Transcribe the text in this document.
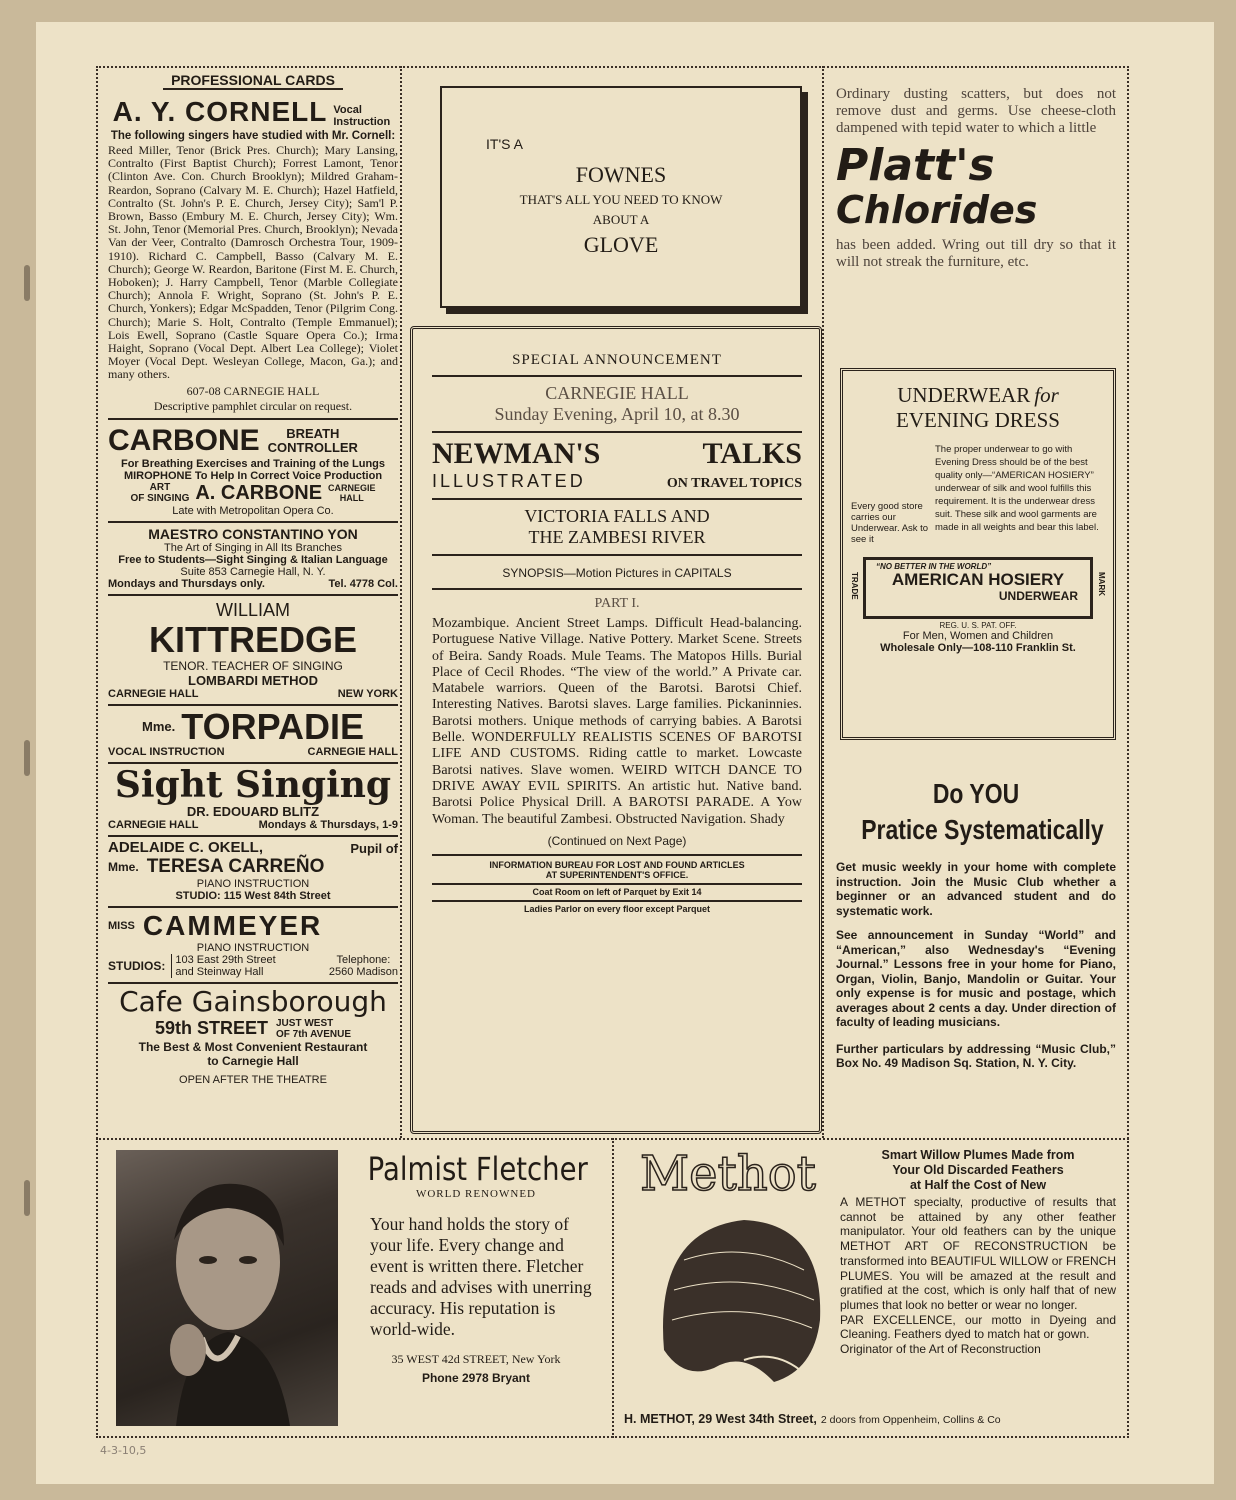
PROFESSIONAL CARDS
A. Y. CORNELL Vocal Instruction

The following singers have studied with Mr. Cornell:

Reed Miller, Tenor (Brick Pres. Church); Mary Lansing, Contralto (First Baptist Church); Forrest Lamont, Tenor (Clinton Ave. Con. Church Brooklyn); Mildred Graham-Reardon, Soprano (Calvary M. E. Church); Hazel Hatfield, Contralto (St. John's P. E. Church, Jersey City); Sam'l P. Brown, Basso (Embury M. E. Church, Jersey City); Wm. St. John, Tenor (Memorial Pres. Church, Brooklyn); Nevada Van der Veer, Contralto (Damrosch Orchestra Tour, 1909-1910). Richard C. Campbell, Basso (Calvary M. E. Church); George W. Reardon, Baritone (First M. E. Church, Hoboken); J. Harry Campbell, Tenor (Marble Collegiate Church); Annola F. Wright, Soprano (St. John's P. E. Church, Yonkers); Edgar McSpadden, Tenor (Pilgrim Cong. Church); Marie S. Holt, Contralto (Temple Emmanuel); Lois Ewell, Soprano (Castle Square Opera Co.); Irma Haight, Soprano (Vocal Dept. Albert Lea College); Violet Moyer (Vocal Dept. Wesleyan College, Macon, Ga.); and many others.

607-08 CARNEGIE HALL

Descriptive pamphlet circular on request.

CARBONE	BREATH
CONTROLLER

For Breathing Exercises and Training of the Lungs

MIROPHONE To Help In Correct Voice Production

ART
OF SINGING A. CARBONE CARNEGIE
HALL

Late with Metropolitan Opera Co.

MAESTRO CONSTANTINO YON

The Art of Singing in All Its Branches

Free to Students—Sight Singing & Italian Language

Suite 853 Carnegie Hall, N. Y.

Mondays and Thursdays only.	Tel. 4778 Col.

WILLIAM

KITTREDGE

TENOR. TEACHER OF SINGING

LOMBARDI METHOD

CARNEGIE HALL	NEW YORK
Mme. TORPADIE
VOCAL INSTRUCTION	CARNEGIE HALL

Sight Singing

DR. EDOUARD BLITZ

CARNEGIE HALL	Mondays & Thursdays, 1-9
ADELAIDE C. OKELL,	Pupil of
Mme. TERESA CARREÑO

PIANO INSTRUCTION

STUDIO: 115 West 84th Street

MISS CAMMEYER

PIANO INSTRUCTION

STUDIOS: 103 East 29th Street
and Steinway Hall
Telephone:
2560 Madison

Cafe Gainsborough

59th STREET JUST WEST
OF 7th AVENUE

The Best & Most Convenient Restaurant

to Carnegie Hall

OPEN AFTER THE THEATRE

IT'S A

FOWNES

THAT'S ALL YOU NEED TO KNOW

ABOUT A

GLOVE

SPECIAL ANNOUNCEMENT

CARNEGIE HALL

Sunday Evening, April 10, at 8.30

NEWMAN'S	TALKS
ILLUSTRATED	ON TRAVEL TOPICS

VICTORIA FALLS AND

THE ZAMBESI RIVER

SYNOPSIS—Motion Pictures in CAPITALS

PART I.

Mozambique. Ancient Street Lamps. Difficult Head-balancing. Portuguese Native Village. Native Pottery. Market Scene. Streets of Beira. Sandy Roads. Mule Teams. The Matopos Hills. Burial Place of Cecil Rhodes. “The view of the world.” A Private car. Matabele warriors. Queen of the Barotsi. Barotsi Chief. Interesting Natives. Barotsi slaves. Large families. Pickaninnies. Barotsi mothers. Unique methods of carrying babies. A Barotsi Belle. WONDERFULLY REALISTIS SCENES OF BAROTSI LIFE AND CUSTOMS. Riding cattle to market. Lowcaste Barotsi natives. Slave women. WEIRD WITCH DANCE TO DRIVE AWAY EVIL SPIRITS. An artistic hut. Native band. Barotsi Police Physical Drill. A BAROTSI PARADE. A Yow Woman. The beautiful Zambesi. Obstructed Navigation. Shady

(Continued on Next Page)

INFORMATION BUREAU FOR LOST AND FOUND ARTICLES

AT SUPERINTENDENT'S OFFICE.

Coat Room on left of Parquet by Exit 14

Ladies Parlor on every floor except Parquet

Ordinary dusting scatters, but does not remove dust and germs. Use cheese-cloth dampened with tepid water to which a little

Platt's

Chlorides

has been added. Wring out till dry so that it will not streak the furniture, etc.

UNDERWEAR for

EVENING DRESS

Every good store carries our Underwear. Ask to see it

The proper underwear to go with Evening Dress should be of the best quality only—“AMERICAN HOSIERY” underwear of silk and wool fulfills this requirement. It is the underwear dress suit. These silk and wool garments are made in all weights and bear this label.

TRADE	MARK

“NO BETTER IN THE WORLD”

AMERICAN HOSIERY

UNDERWEAR

REG. U. S. PAT. OFF.

For Men, Women and Children

Wholesale Only—108-110 Franklin St.

Do YOU

Pratice Systematically

Get music weekly in your home with complete instruction. Join the Music Club whether a beginner or an advanced student and do systematic work.

See announcement in Sunday “World” and “American,” also Wednesday's “Evening Journal.” Lessons free in your home for Piano, Organ, Violin, Banjo, Mandolin or Guitar. Your only expense is for music and postage, which averages about 2 cents a day. Under direction of faculty of leading musicians.

Further particulars by addressing “Music Club,” Box No. 49 Madison Sq. Station, N. Y. City.

Palmist Fletcher

WORLD RENOWNED

Your hand holds the story of your life. Every change and event is written there. Fletcher reads and advises with unerring accuracy. His reputation is world-wide.

35 WEST 42d STREET, New York

Phone 2978 Bryant

Methot

H. METHOT, 29 West 34th Street, 2 doors from Oppenheim, Collins & Co

Smart Willow Plumes Made from

Your Old Discarded Feathers

at Half the Cost of New

A METHOT specialty, productive of results that cannot be attained by any other feather manipulator. Your old feathers can by the unique METHOT ART OF RECONSTRUCTION be transformed into BEAUTIFUL WILLOW or FRENCH PLUMES. You will be amazed at the result and gratified at the cost, which is only half that of new plumes that look no better or wear no longer.

PAR EXCELLENCE, our motto in Dyeing and Cleaning. Feathers dyed to match hat or gown.

Originator of the Art of Reconstruction

4-3-10,5
